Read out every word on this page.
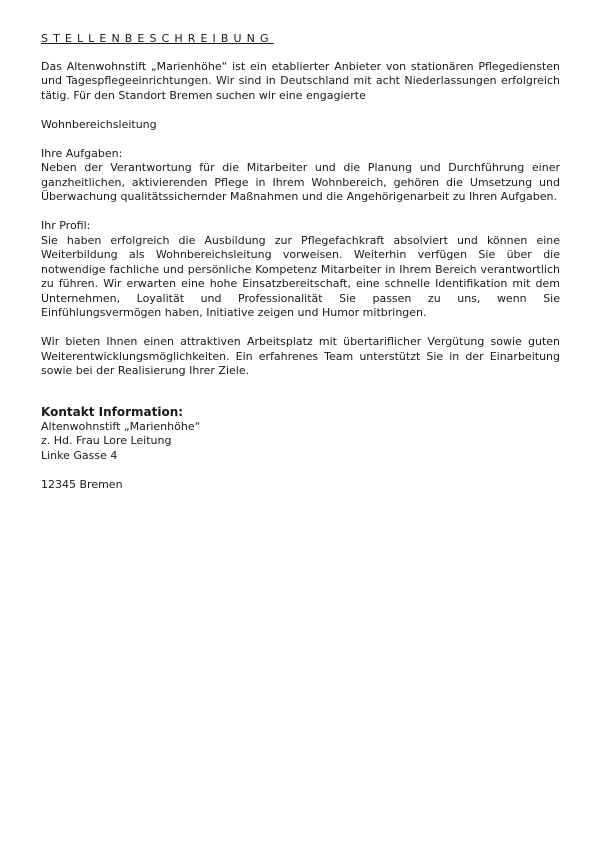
STELLENBESCHREIBUNG

Das Altenwohnstift „Marienhöhe“ ist ein etablierter Anbieter von stationären Pflegediensten und Tagespflegeeinrichtungen. Wir sind in Deutschland mit acht Niederlassungen erfolgreich tätig. Für den Standort Bremen suchen wir eine engagierte

Wohnbereichsleitung

Ihre Aufgaben:

Neben der Verantwortung für die Mitarbeiter und die Planung und Durchführung einer ganzheitlichen, aktivierenden Pflege in Ihrem Wohnbereich, gehören die Umsetzung und Überwachung qualitätssichernder Maßnahmen und die Angehörigenarbeit zu Ihren Aufgaben.

Ihr Profil:

Sie haben erfolgreich die Ausbildung zur Pflegefachkraft absolviert und können eine Weiterbildung als Wohnbereichsleitung vorweisen. Weiterhin verfügen Sie über die notwendige fachliche und persönliche Kompetenz Mitarbeiter in Ihrem Bereich verantwortlich zu führen. Wir erwarten eine hohe Einsatzbereitschaft, eine schnelle Identifikation mit dem Unternehmen, Loyalität und Professionalität Sie passen zu uns, wenn Sie Einfühlungsvermögen haben, Initiative zeigen und Humor mitbringen.

Wir bieten Ihnen einen attraktiven Arbeitsplatz mit übertariflicher Vergütung sowie guten Weiterentwicklungsmöglichkeiten. Ein erfahrenes Team unterstützt Sie in der Einarbeitung sowie bei der Realisierung Ihrer Ziele.

Kontakt Information:

Altenwohnstift „Marienhöhe“

z. Hd. Frau Lore Leitung

Linke Gasse 4

12345 Bremen
